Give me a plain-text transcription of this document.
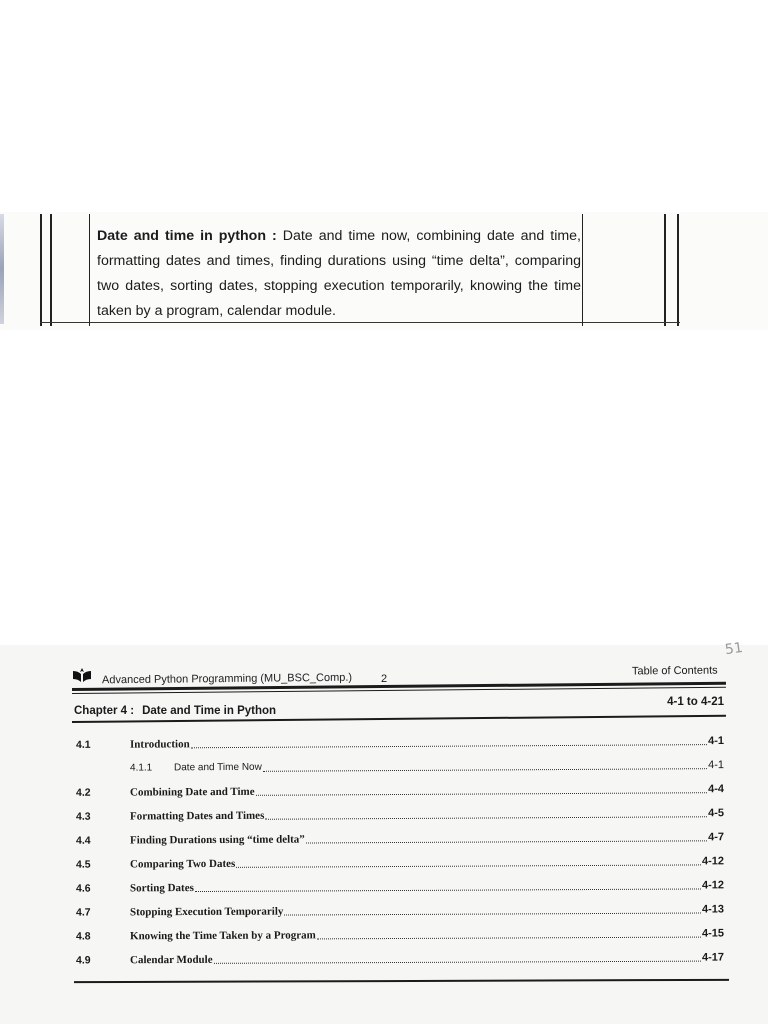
Date and time in python : Date and time now, combining date and time, formatting dates and times, finding durations using “time delta”, comparing two dates, sorting dates, stopping execution temporarily, knowing the time taken by a program, calendar module.
51
Advanced Python Programming (MU_BSC_Comp.)	2
Table of Contents
Chapter 4 : Date and Time in Python
4-1 to 4-21
4.1	Introduction	4-1
4.1.1 Date and Time Now	4-1
4.2	Combining Date and Time	4-4
4.3	Formatting Dates and Times	4-5
4.4	Finding Durations using “time delta”	4-7
4.5	Comparing Two Dates	4-12
4.6	Sorting Dates	4-12
4.7	Stopping Execution Temporarily	4-13
4.8	Knowing the Time Taken by a Program	4-15
4.9	Calendar Module	4-17
